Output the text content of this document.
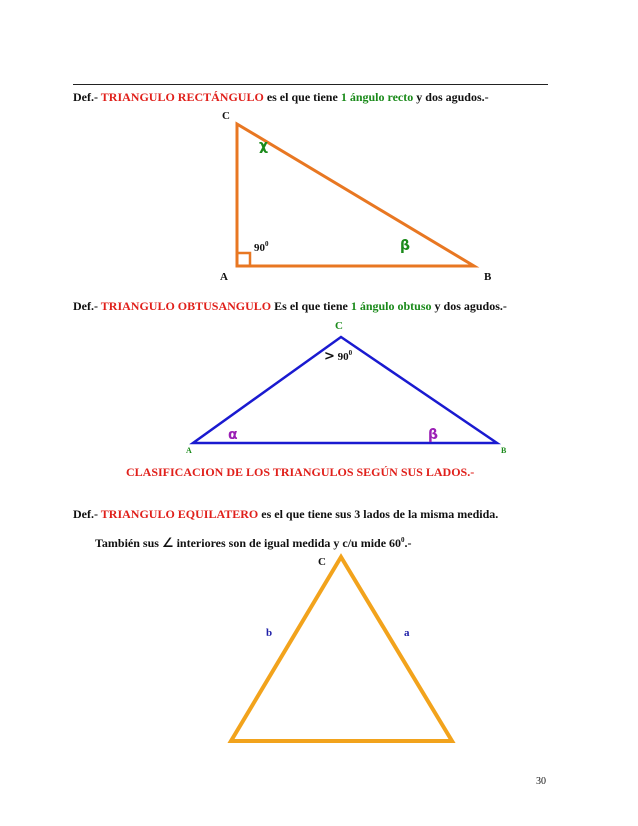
Def.- TRIANGULO RECTÁNGULO es el que tiene 1 ángulo recto y dos agudos.-
C
χ
$90^0$	β
A	B
Def.- TRIANGULO OBTUSANGULO Es el que tiene 1 ángulo obtuso y dos agudos.-
C
> $90^0$
α	β
A	B
CLASIFICACION DE LOS TRIANGULOS SEGÚN SUS LADOS.-
Def.- TRIANGULO EQUILATERO es el que tiene sus 3 lados de la misma medida.
También sus ∠ interiores son de igual medida y c/u mide $60^0.-$
C
b	a
30
